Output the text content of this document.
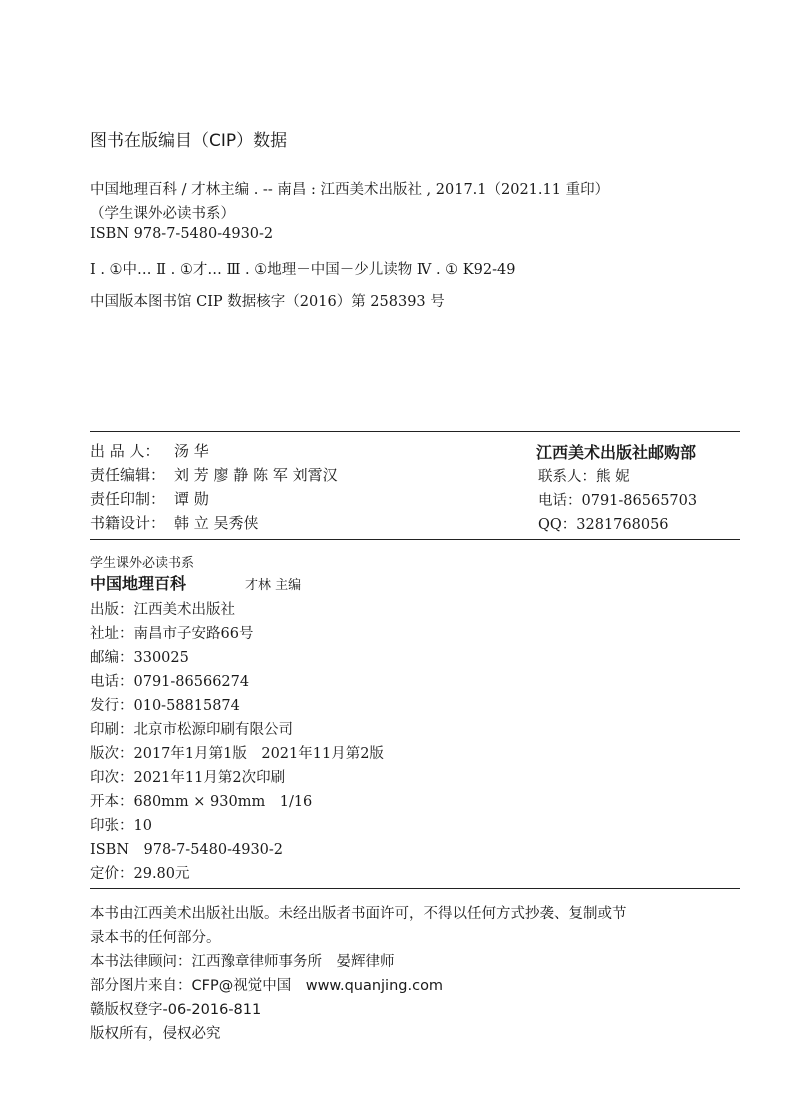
图书在版编目（CIP）数据
中国地理百科 / 才林主编 . -- 南昌 : 江西美术出版社 , 2017.1（2021.11 重印）
（学生课外必读书系）
ISBN 978-7-5480-4930-2
Ⅰ . ①中… Ⅱ . ①才… Ⅲ . ①地理－中国－少儿读物 Ⅳ . ① K92-49
中国版本图书馆 CIP 数据核字（2016）第 258393 号
出 品 人： 汤 华
责任编辑： 刘 芳 廖 静 陈 军 刘霄汉
责任印制： 谭 勋
书籍设计： 韩 立 吴秀侠
江西美术出版社邮购部
联系人：熊 妮
电话：0791-86565703
QQ：3281768056
学生课外必读书系
中国地理百科	才林 主编
出版：江西美术出版社
社址：南昌市子安路66号
邮编：330025
电话：0791-86566274
发行：010-58815874
印刷：北京市松源印刷有限公司
版次：2017年1月第1版　2021年11月第2版
印次：2021年11月第2次印刷
开本：680mm × 930mm　1/16
印张：10
ISBN　978-7-5480-4930-2
定价：29.80元
本书由江西美术出版社出版。未经出版者书面许可，不得以任何方式抄袭、复制或节
录本书的任何部分。
本书法律顾问：江西豫章律师事务所　晏辉律师
部分图片来自：CFP@视觉中国　www.quanjing.com
赣版权登字-06-2016-811
版权所有，侵权必究
